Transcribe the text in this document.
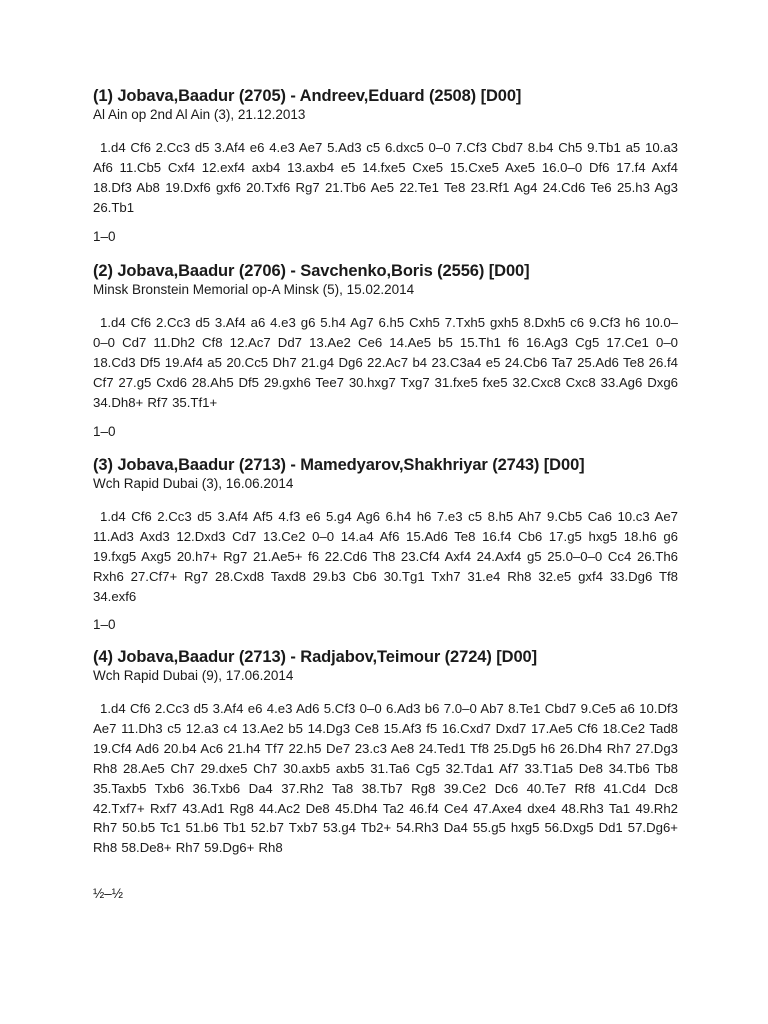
(1) Jobava,Baadur (2705) - Andreev,Eduard (2508) [D00]

Al Ain op 2nd Al Ain (3), 21.12.2013

1.d4 Cf6 2.Cc3 d5 3.Af4 e6 4.e3 Ae7 5.Ad3 c5 6.dxc5 0–0 7.Cf3 Cbd7 8.b4 Ch5 9.Tb1 a5 10.a3 Af6 11.Cb5 Cxf4 12.exf4 axb4 13.axb4 e5 14.fxe5 Cxe5 15.Cxe5 Axe5 16.0–0 Df6 17.f4 Axf4 18.Df3 Ab8 19.Dxf6 gxf6 20.Txf6 Rg7 21.Tb6 Ae5 22.Te1 Te8 23.Rf1 Ag4 24.Cd6 Te6 25.h3 Ag3 26.Tb1

1–0

(2) Jobava,Baadur (2706) - Savchenko,Boris (2556) [D00]

Minsk Bronstein Memorial op-A Minsk (5), 15.02.2014

1.d4 Cf6 2.Cc3 d5 3.Af4 a6 4.e3 g6 5.h4 Ag7 6.h5 Cxh5 7.Txh5 gxh5 8.Dxh5 c6 9.Cf3 h6 10.0–0–0 Cd7 11.Dh2 Cf8 12.Ac7 Dd7 13.Ae2 Ce6 14.Ae5 b5 15.Th1 f6 16.Ag3 Cg5 17.Ce1 0–0 18.Cd3 Df5 19.Af4 a5 20.Cc5 Dh7 21.g4 Dg6 22.Ac7 b4 23.C3a4 e5 24.Cb6 Ta7 25.Ad6 Te8 26.f4 Cf7 27.g5 Cxd6 28.Ah5 Df5 29.gxh6 Tee7 30.hxg7 Txg7 31.fxe5 fxe5 32.Cxc8 Cxc8 33.Ag6 Dxg6 34.Dh8+ Rf7 35.Tf1+

1–0

(3) Jobava,Baadur (2713) - Mamedyarov,Shakhriyar (2743) [D00]

Wch Rapid Dubai (3), 16.06.2014

1.d4 Cf6 2.Cc3 d5 3.Af4 Af5 4.f3 e6 5.g4 Ag6 6.h4 h6 7.e3 c5 8.h5 Ah7 9.Cb5 Ca6 10.c3 Ae7 11.Ad3 Axd3 12.Dxd3 Cd7 13.Ce2 0–0 14.a4 Af6 15.Ad6 Te8 16.f4 Cb6 17.g5 hxg5 18.h6 g6 19.fxg5 Axg5 20.h7+ Rg7 21.Ae5+ f6 22.Cd6 Th8 23.Cf4 Axf4 24.Axf4 g5 25.0–0–0 Cc4 26.Th6 Rxh6 27.Cf7+ Rg7 28.Cxd8 Taxd8 29.b3 Cb6 30.Tg1 Txh7 31.e4 Rh8 32.e5 gxf4 33.Dg6 Tf8 34.exf6

1–0

(4) Jobava,Baadur (2713) - Radjabov,Teimour (2724) [D00]

Wch Rapid Dubai (9), 17.06.2014

1.d4 Cf6 2.Cc3 d5 3.Af4 e6 4.e3 Ad6 5.Cf3 0–0 6.Ad3 b6 7.0–0 Ab7 8.Te1 Cbd7 9.Ce5 a6 10.Df3 Ae7 11.Dh3 c5 12.a3 c4 13.Ae2 b5 14.Dg3 Ce8 15.Af3 f5 16.Cxd7 Dxd7 17.Ae5 Cf6 18.Ce2 Tad8 19.Cf4 Ad6 20.b4 Ac6 21.h4 Tf7 22.h5 De7 23.c3 Ae8 24.Ted1 Tf8 25.Dg5 h6 26.Dh4 Rh7 27.Dg3 Rh8 28.Ae5 Ch7 29.dxe5 Ch7 30.axb5 axb5 31.Ta6 Cg5 32.Tda1 Af7 33.T1a5 De8 34.Tb6 Tb8 35.Taxb5 Txb6 36.Txb6 Da4 37.Rh2 Ta8 38.Tb7 Rg8 39.Ce2 Dc6 40.Te7 Rf8 41.Cd4 Dc8 42.Txf7+ Rxf7 43.Ad1 Rg8 44.Ac2 De8 45.Dh4 Ta2 46.f4 Ce4 47.Axe4 dxe4 48.Rh3 Ta1 49.Rh2 Rh7 50.b5 Tc1 51.b6 Tb1 52.b7 Txb7 53.g4 Tb2+ 54.Rh3 Da4 55.g5 hxg5 56.Dxg5 Dd1 57.Dg6+ Rh8 58.De8+ Rh7 59.Dg6+ Rh8

½–½
